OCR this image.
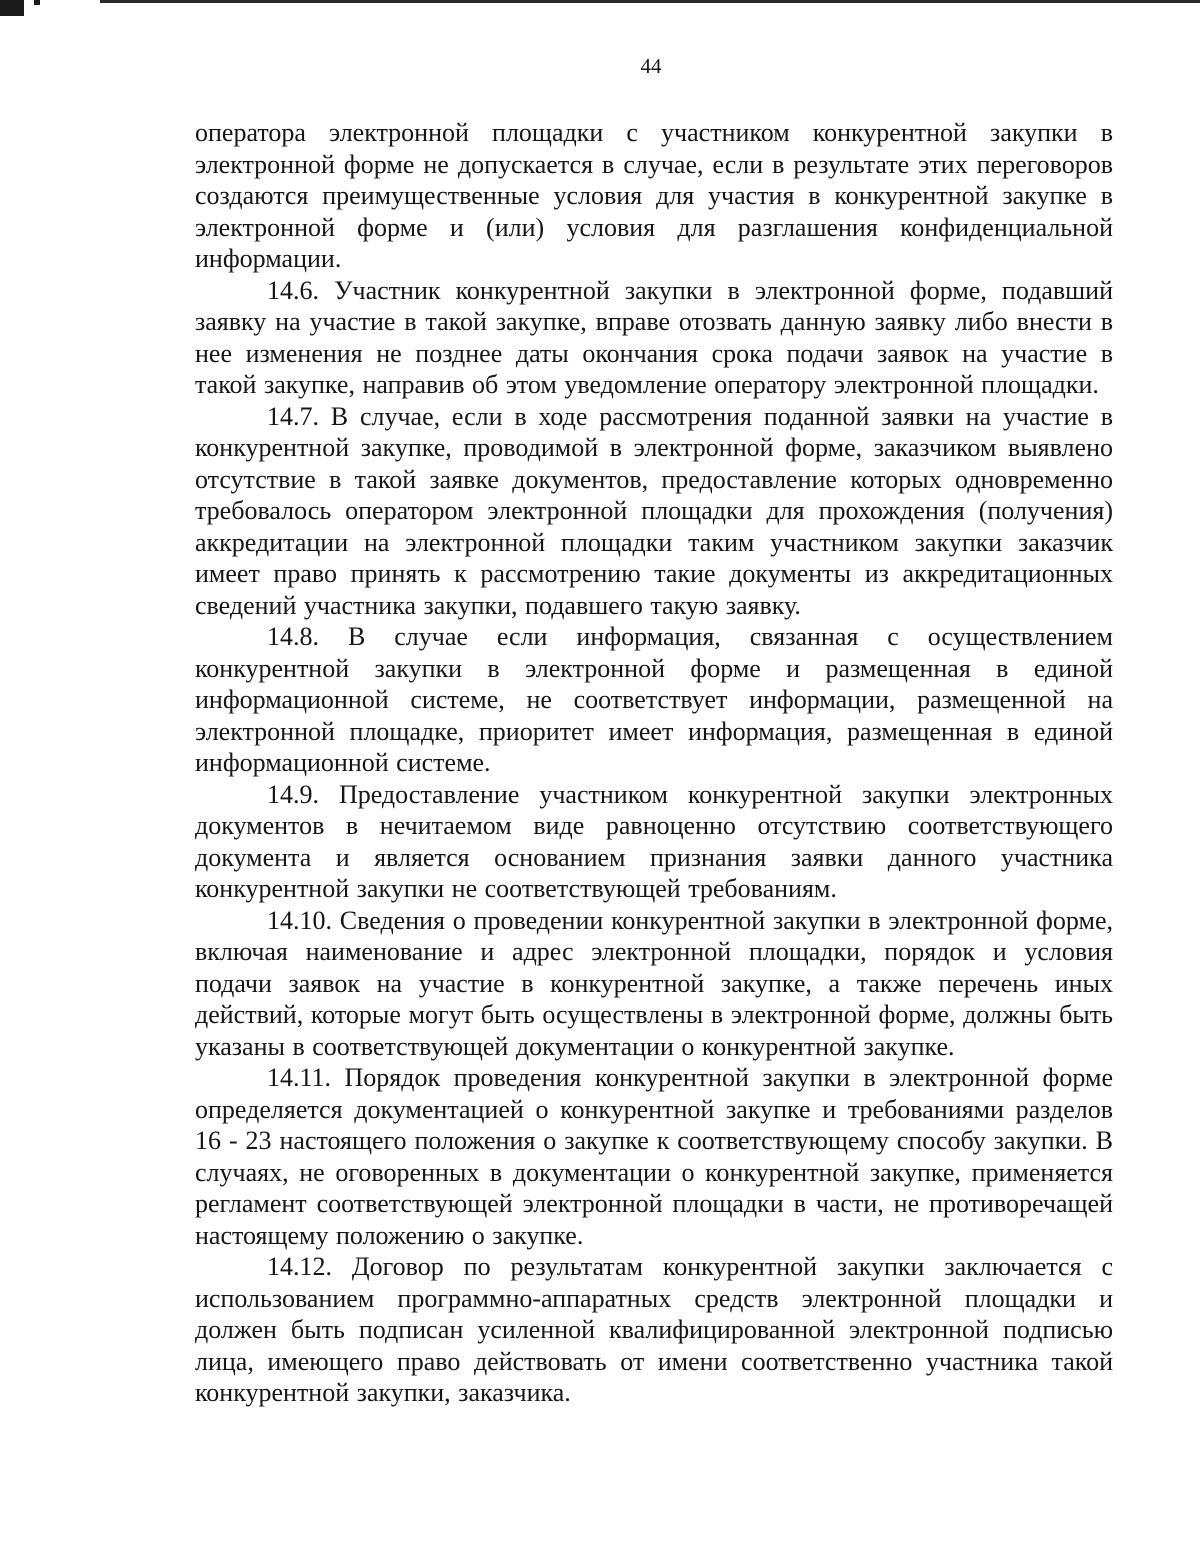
44

оператора электронной площадки с участником конкурентной закупки в электронной форме не допускается в случае, если в результате этих переговоров создаются преимущественные условия для участия в конкурентной закупке в электронной форме и (или) условия для разглашения конфиденциальной информации.

14.6. Участник конкурентной закупки в электронной форме, подавший заявку на участие в такой закупке, вправе отозвать данную заявку либо внести в нее изменения не позднее даты окончания срока подачи заявок на участие в такой закупке, направив об этом уведомление оператору электронной площадки.

14.7. В случае, если в ходе рассмотрения поданной заявки на участие в конкурентной закупке, проводимой в электронной форме, заказчиком выявлено отсутствие в такой заявке документов, предоставление которых одновременно требовалось оператором электронной площадки для прохождения (получения) аккредитации на электронной площадки таким участником закупки заказчик имеет право принять к рассмотрению такие документы из аккредитационных сведений участника закупки, подавшего такую заявку.

14.8. В случае если информация, связанная с осуществлением конкурентной закупки в электронной форме и размещенная в единой информационной системе, не соответствует информации, размещенной на электронной площадке, приоритет имеет информация, размещенная в единой информационной системе.

14.9. Предоставление участником конкурентной закупки электронных документов в нечитаемом виде равноценно отсутствию соответствующего документа и является основанием признания заявки данного участника конкурентной закупки не соответствующей требованиям.

14.10. Сведения о проведении конкурентной закупки в электронной форме, включая наименование и адрес электронной площадки, порядок и условия подачи заявок на участие в конкурентной закупке, а также перечень иных действий, которые могут быть осуществлены в электронной форме, должны быть указаны в соответствующей документации о конкурентной закупке.

14.11. Порядок проведения конкурентной закупки в электронной форме определяется документацией о конкурентной закупке и требованиями разделов 16 - 23 настоящего положения о закупке к соответствующему способу закупки. В случаях, не оговоренных в документации о конкурентной закупке, применяется регламент соответствующей электронной площадки в части, не противоречащей настоящему положению о закупке.

14.12. Договор по результатам конкурентной закупки заключается с использованием программно-аппаратных средств электронной площадки и должен быть подписан усиленной квалифицированной электронной подписью лица, имеющего право действовать от имени соответственно участника такой конкурентной закупки, заказчика.
